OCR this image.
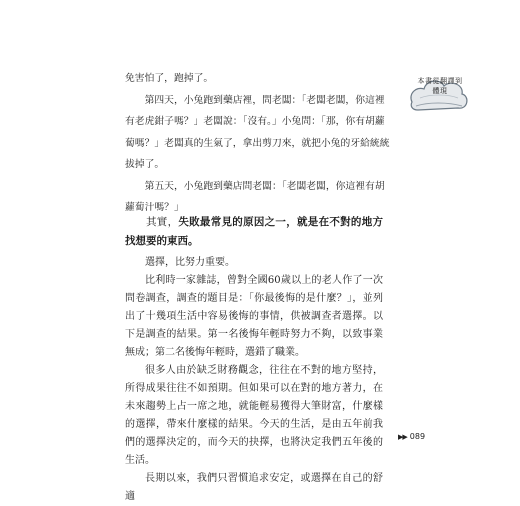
本書從翻譯到體現

免害怕了，跑掉了。

第四天，小兔跑到藥店裡，問老闆：「老闆老闆，你這裡有老虎鉗子嗎？」老闆說：「沒有。」小兔問：「那，你有胡蘿蔔嗎？」老闆真的生氣了，拿出剪刀來，就把小兔的牙給統統拔掉了。

第五天，小兔跑到藥店問老闆：「老闆老闆，你這裡有胡蘿蔔汁嗎？」

其實，失敗最常見的原因之一，就是在不對的地方找想要的東西。

選擇，比努力重要。

比利時一家雜誌，曾對全國60歲以上的老人作了一次問卷調查，調查的題目是：「你最後悔的是什麼？」，並列出了十幾項生活中容易後悔的事情，供被調查者選擇。以下是調查的結果。第一名後悔年輕時努力不夠，以致事業無成；第二名後悔年輕時，選錯了職業。

很多人由於缺乏財務觀念，往往在不對的地方堅持，所得成果往往不如預期。但如果可以在對的地方著力，在未來趨勢上占一席之地，就能輕易獲得大筆財富，什麼樣的選擇，帶來什麼樣的結果。今天的生活，是由五年前我們的選擇決定的，而今天的抉擇，也將決定我們五年後的生活。

長期以來，我們只習慣追求安定，或選擇在自己的舒適

▶▶ 089
